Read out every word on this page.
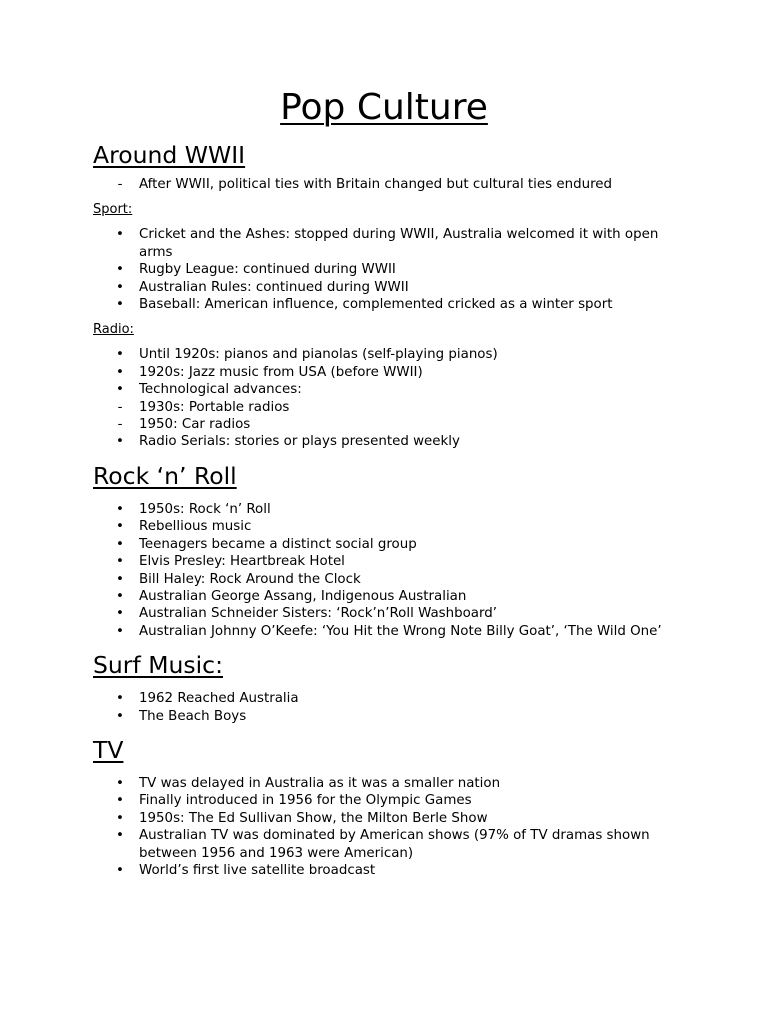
Pop Culture
Around WWII
- After WWII, political ties with Britain changed but cultural ties endured

Sport:

• Cricket and the Ashes: stopped during WWII, Australia welcomed it with open arms
• Rugby League: continued during WWII
• Australian Rules: continued during WWII
• Baseball: American influence, complemented cricked as a winter sport

Radio:

• Until 1920s: pianos and pianolas (self-playing pianos)
• 1920s: Jazz music from USA (before WWII)
• Technological advances:
- 1930s: Portable radios
- 1950: Car radios
• Radio Serials: stories or plays presented weekly
Rock ‘n’ Roll
• 1950s: Rock ‘n’ Roll
• Rebellious music
• Teenagers became a distinct social group
• Elvis Presley: Heartbreak Hotel
• Bill Haley: Rock Around the Clock
• Australian George Assang, Indigenous Australian
• Australian Schneider Sisters: ‘Rock’n’Roll Washboard’
• Australian Johnny O’Keefe: ‘You Hit the Wrong Note Billy Goat’, ‘The Wild One’
Surf Music:
• 1962 Reached Australia
• The Beach Boys
TV
• TV was delayed in Australia as it was a smaller nation
• Finally introduced in 1956 for the Olympic Games
• 1950s: The Ed Sullivan Show, the Milton Berle Show
• Australian TV was dominated by American shows (97% of TV dramas shown between 1956 and 1963 were American)
• World’s first live satellite broadcast
